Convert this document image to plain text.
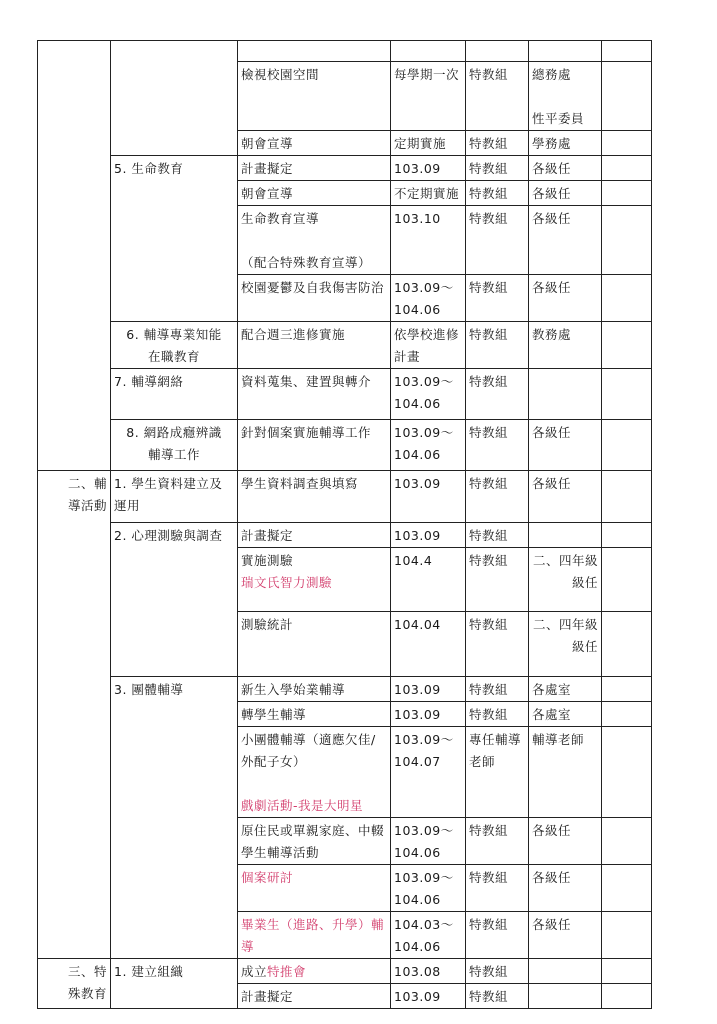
		檢視校園空間	每學期一次	特教組	總務處

性平委員	
		朝會宣導	定期實施	特教組	學務處	
	5. 生命教育	計畫擬定	103.09	特教組	各級任	
		朝會宣導	不定期實施	特教組	各級任	
		生命教育宣導

（配合特殊教育宣導）	103.10	特教組	各級任	
		校園憂鬱及自我傷害防治	103.09～
104.06	特教組	各級任	
	6. 輔導專業知能
在職教育	配合週三進修實施	依學校進修
計畫	特教組	教務處	
	7. 輔導網絡	資料蒐集、建置與轉介	103.09～
104.06	特教組		
	8. 網路成癮辨識
輔導工作	針對個案實施輔導工作	103.09～
104.06	特教組	各級任	
二、輔
導活動	1. 學生資料建立及
運用	學生資料調查與填寫	103.09	特教組	各級任	
	2. 心理測驗與調查	計畫擬定	103.09	特教組		
		實施測驗
瑞文氏智力測驗	104.4	特教組	二、四年級
級任	
		測驗統計	104.04	特教組	二、四年級
級任	
	3. 團體輔導	新生入學始業輔導	103.09	特教組	各處室	
		轉學生輔導	103.09	特教組	各處室	
		小團體輔導（適應欠佳/
外配子女）

戲劇活動-我是大明星	103.09～
104.07	專任輔導
老師	輔導老師	
		原住民或單親家庭、中輟
學生輔導活動	103.09～
104.06	特教組	各級任	
		個案研討	103.09～
104.06	特教組	各級任	
		畢業生（進路、升學）輔
導	104.03～
104.06	特教組	各級任	
三、特
殊教育	1. 建立組織	成立特推會	103.08	特教組		
		計畫擬定	103.09	特教組		
